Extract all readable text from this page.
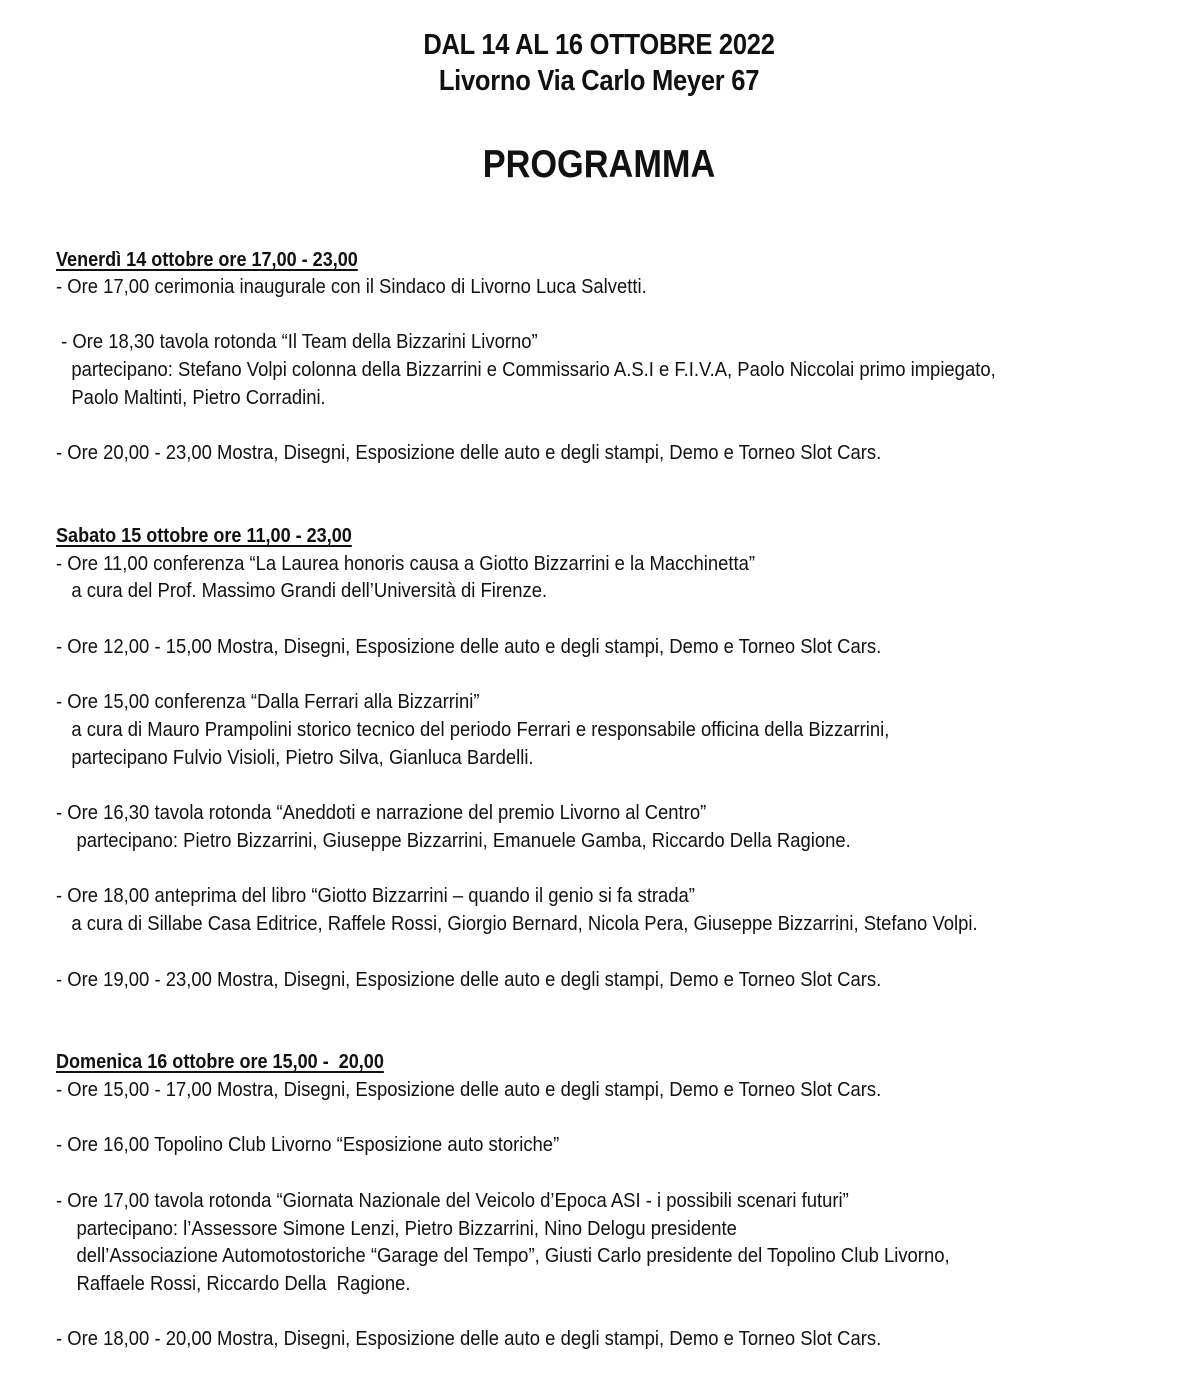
DAL 14 AL 16 OTTOBRE 2022
Livorno Via Carlo Meyer 67
PROGRAMMA
Venerdì 14 ottobre ore 17,00 - 23,00
- Ore 17,00 cerimonia inaugurale con il Sindaco di Livorno Luca Salvetti.
- Ore 18,30 tavola rotonda “Il Team della Bizzarini Livorno”
partecipano: Stefano Volpi colonna della Bizzarrini e Commissario A.S.I e F.I.V.A, Paolo Niccolai primo impiegato,
Paolo Maltinti, Pietro Corradini.
- Ore 20,00 - 23,00 Mostra, Disegni, Esposizione delle auto e degli stampi, Demo e Torneo Slot Cars.
Sabato 15 ottobre ore 11,00 - 23,00
- Ore 11,00 conferenza “La Laurea honoris causa a Giotto Bizzarrini e la Macchinetta”
a cura del Prof. Massimo Grandi dell’Università di Firenze.
- Ore 12,00 - 15,00 Mostra, Disegni, Esposizione delle auto e degli stampi, Demo e Torneo Slot Cars.
- Ore 15,00 conferenza “Dalla Ferrari alla Bizzarrini”
a cura di Mauro Prampolini storico tecnico del periodo Ferrari e responsabile officina della Bizzarrini,
partecipano Fulvio Visioli, Pietro Silva, Gianluca Bardelli.
- Ore 16,30 tavola rotonda “Aneddoti e narrazione del premio Livorno al Centro”
partecipano: Pietro Bizzarrini, Giuseppe Bizzarrini, Emanuele Gamba, Riccardo Della Ragione.
- Ore 18,00 anteprima del libro “Giotto Bizzarrini – quando il genio si fa strada”
a cura di Sillabe Casa Editrice, Raffele Rossi, Giorgio Bernard, Nicola Pera, Giuseppe Bizzarrini, Stefano Volpi.
- Ore 19,00 - 23,00 Mostra, Disegni, Esposizione delle auto e degli stampi, Demo e Torneo Slot Cars.
Domenica 16 ottobre ore 15,00 -  20,00
- Ore 15,00 - 17,00 Mostra, Disegni, Esposizione delle auto e degli stampi, Demo e Torneo Slot Cars.
- Ore 16,00 Topolino Club Livorno “Esposizione auto storiche”
- Ore 17,00 tavola rotonda “Giornata Nazionale del Veicolo d’Epoca ASI - i possibili scenari futuri”
partecipano: l’Assessore Simone Lenzi, Pietro Bizzarrini, Nino Delogu presidente
dell’Associazione Automotostoriche “Garage del Tempo”, Giusti Carlo presidente del Topolino Club Livorno,
Raffaele Rossi, Riccardo Della  Ragione.
- Ore 18,00 - 20,00 Mostra, Disegni, Esposizione delle auto e degli stampi, Demo e Torneo Slot Cars.
